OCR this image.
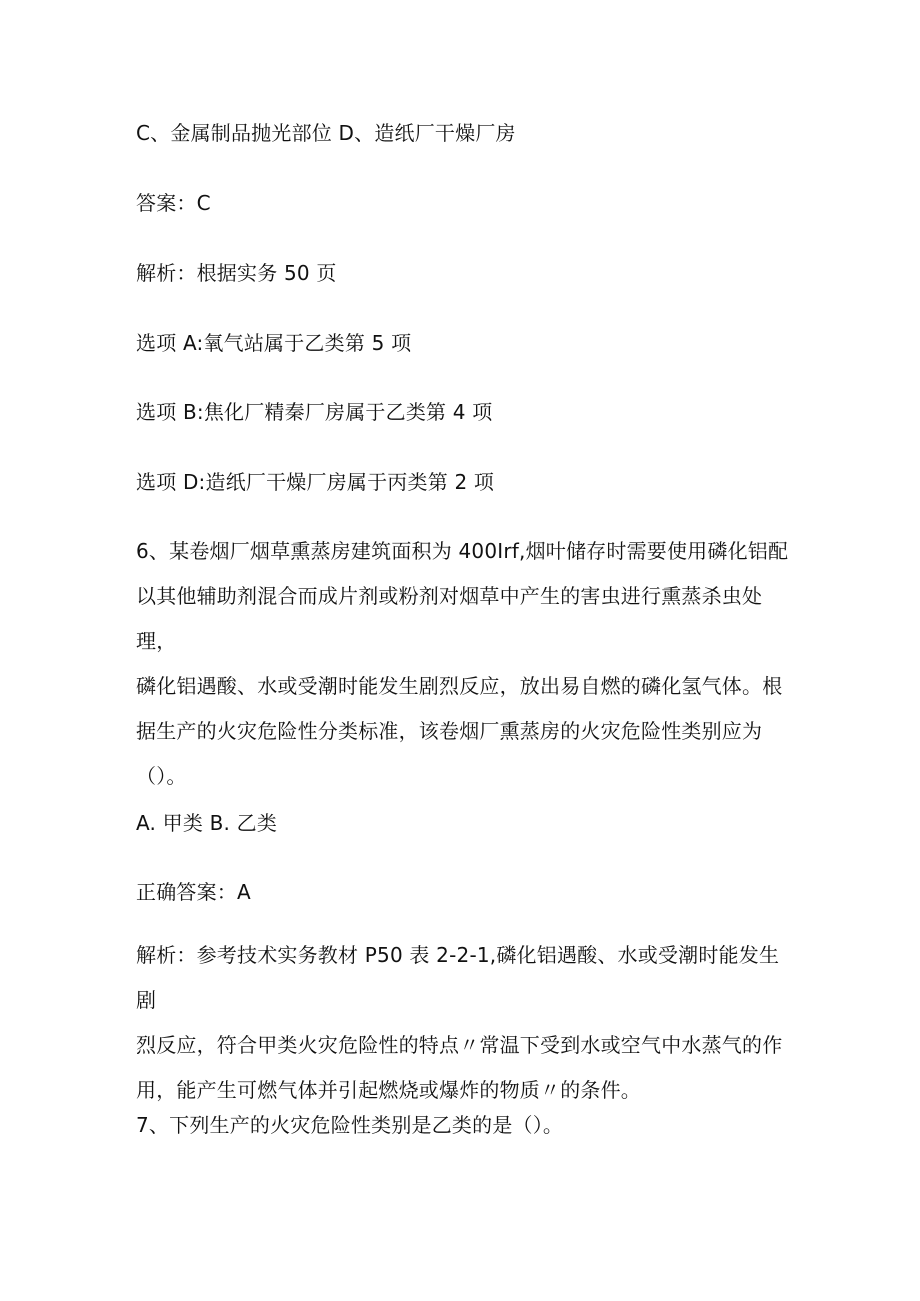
C、金属制品抛光部位 D、造纸厂干燥厂房
答案：C
解析：根据实务 50 页
选项 A:氧气站属于乙类第 5 项
选项 B:焦化厂精秦厂房属于乙类第 4 项
选项 D:造纸厂干燥厂房属于丙类第 2 项
6、某卷烟厂烟草熏蒸房建筑面积为 400Irf,烟叶储存时需要使用磷化铝配
以其他辅助剂混合而成片剂或粉剂对烟草中产生的害虫进行熏蒸杀虫处理，
磷化铝遇酸、水或受潮时能发生剧烈反应，放出易自燃的磷化氢气体。根
据生产的火灾危险性分类标准，该卷烟厂熏蒸房的火灾危险性类别应为
（）。
A. 甲类 B. 乙类
正确答案：A
解析：参考技术实务教材 P50 表 2-2-1,磷化铝遇酸、水或受潮时能发生剧
烈反应，符合甲类火灾危险性的特点〃常温下受到水或空气中水蒸气的作
用，能产生可燃气体并引起燃烧或爆炸的物质〃的条件。
7、下列生产的火灾危险性类别是乙类的是（）。
